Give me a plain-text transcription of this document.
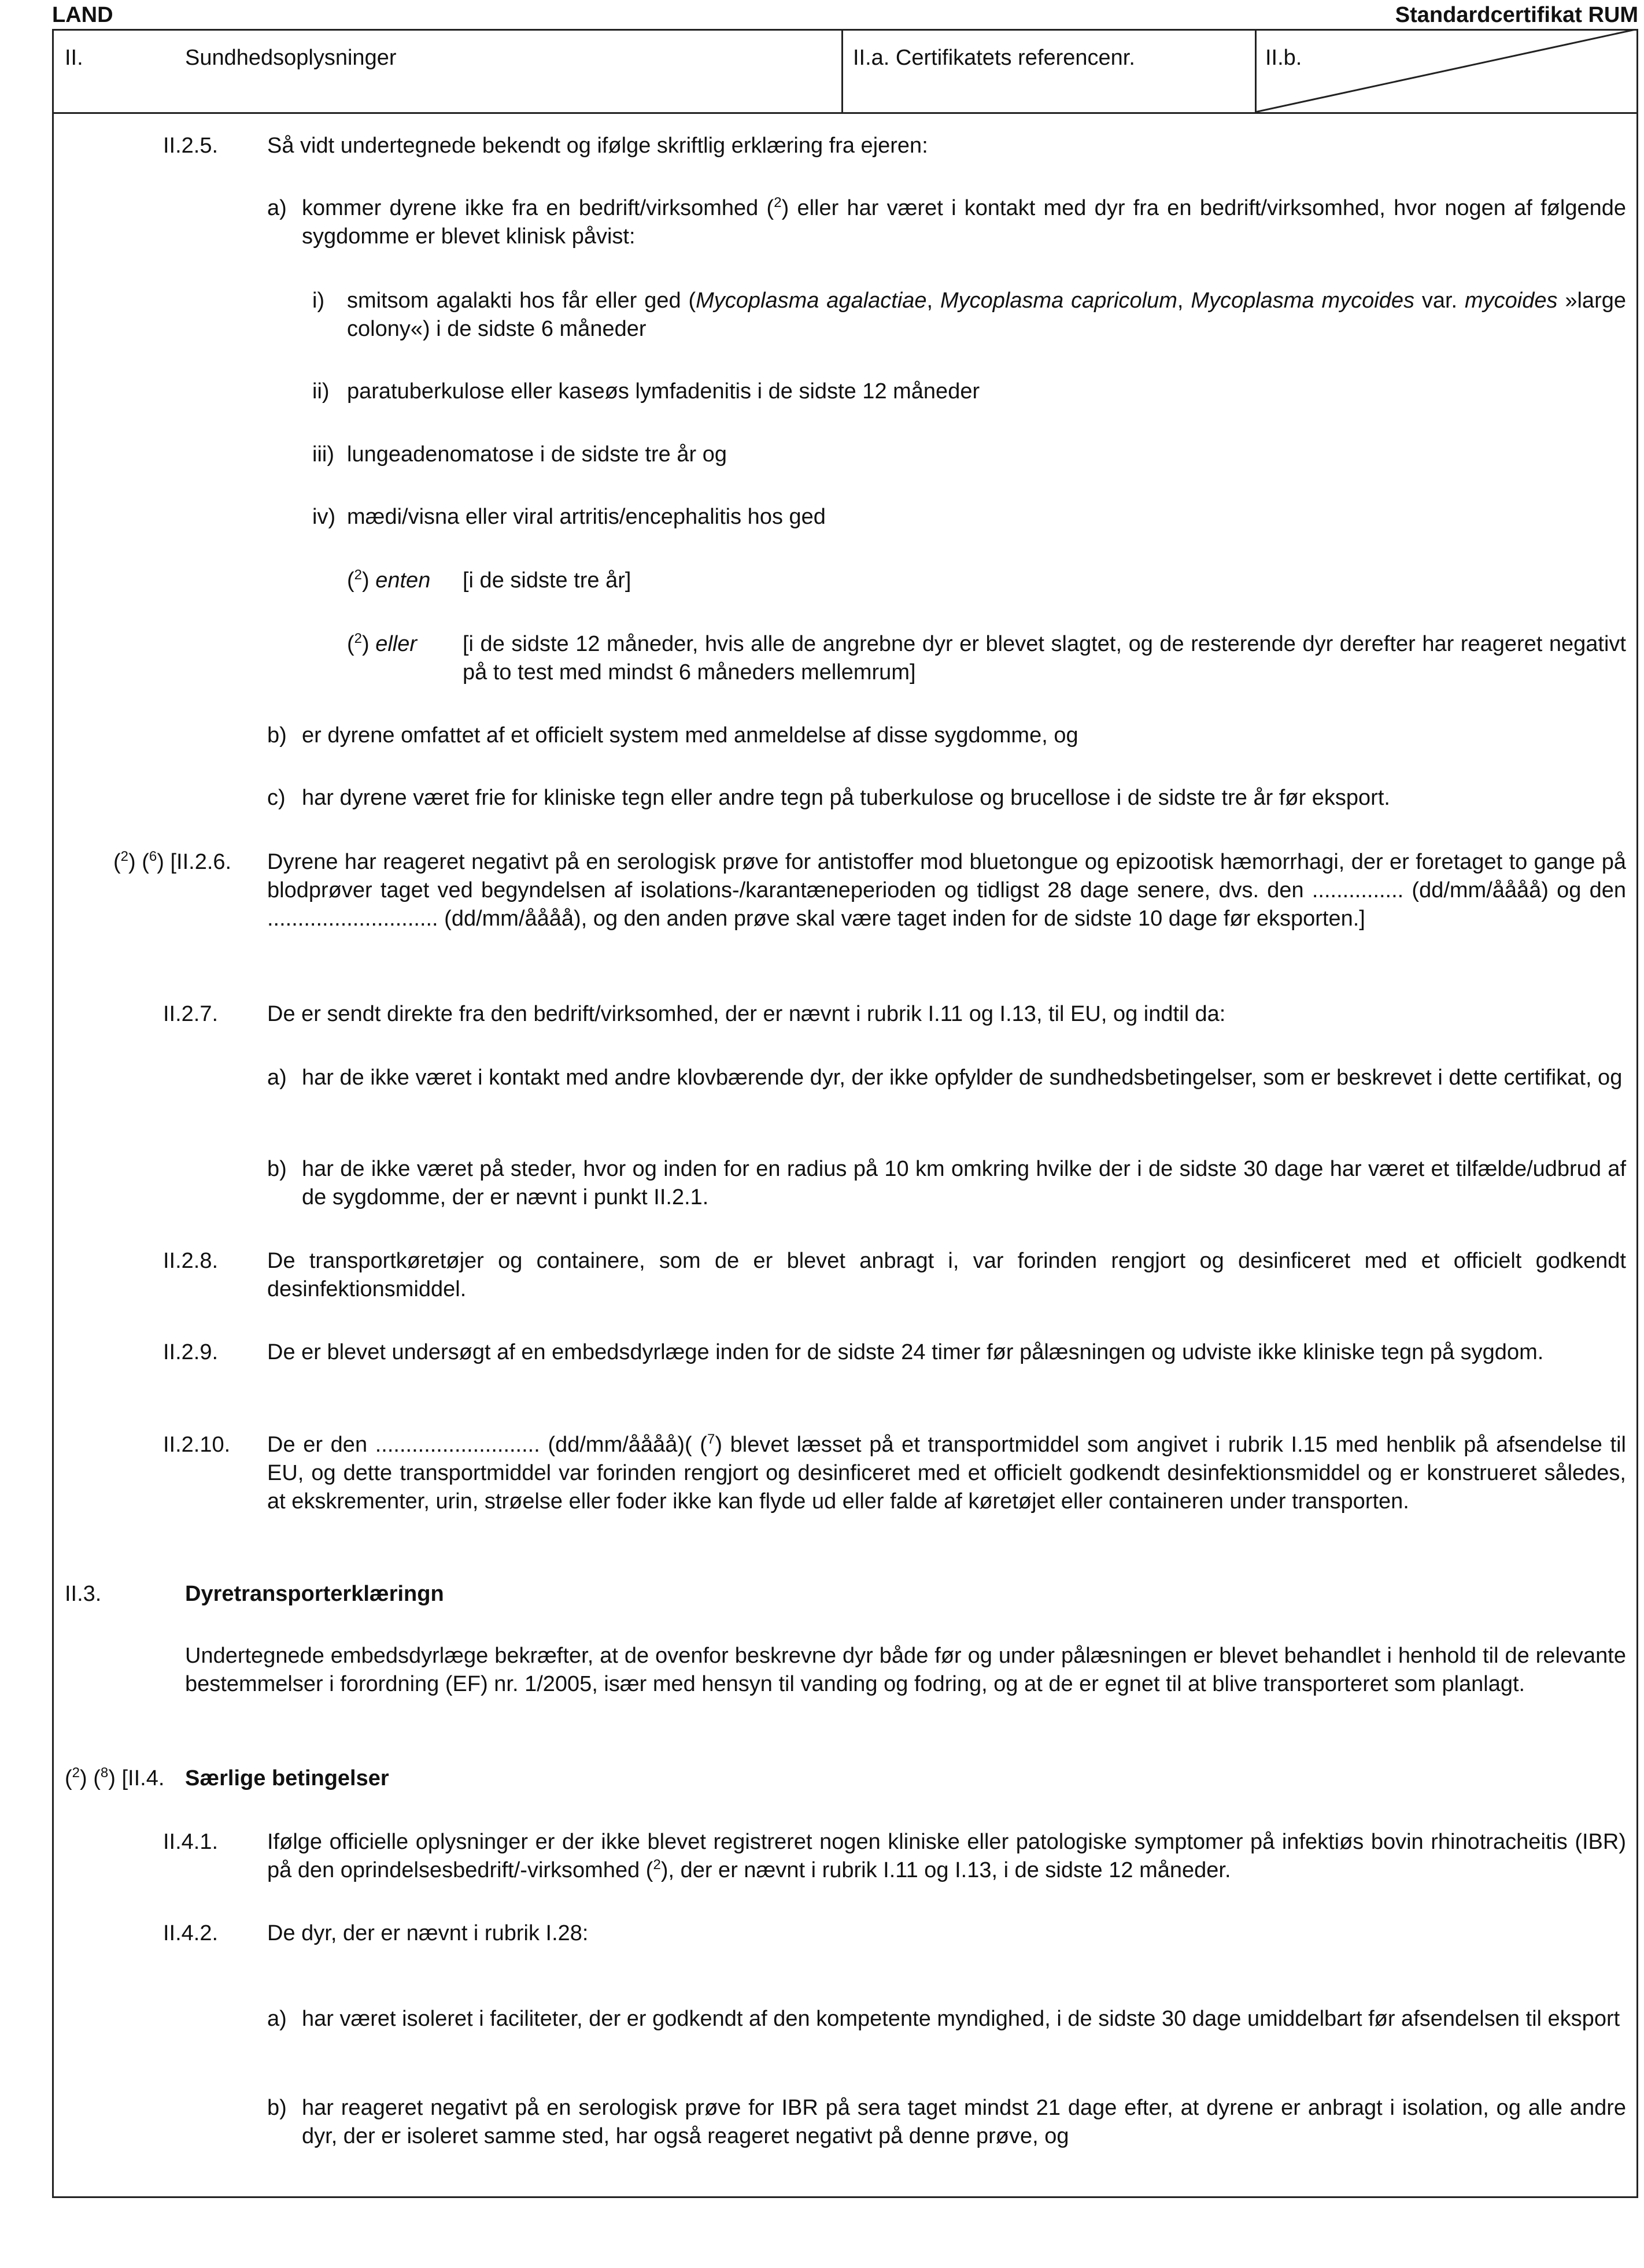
LAND	Standardcertifikat RUM
II.	Sundhedsoplysninger	II.a. Certifikatets referencenr.	II.b.
II.2.5. Så vidt undertegnede bekendt og ifølge skriftlig erklæring fra ejeren:
a) kommer dyrene ikke fra en bedrift/virksomhed ($^2$) eller har været i kontakt med dyr fra en bedrift/virksomhed, hvor nogen af følgende sygdomme er blevet klinisk påvist:
i) smitsom agalakti hos får eller ged (Mycoplasma agalactiae, Mycoplasma capricolum, Mycoplasma mycoides var. mycoides »large colony«) i de sidste 6 måneder
ii) paratuberkulose eller kaseøs lymfadenitis i de sidste 12 måneder
iii) lungeadenomatose i de sidste tre år og
iv) mædi/visna eller viral artritis/encephalitis hos ged
($^2$) enten [i de sidste tre år]
($^2$) eller [i de sidste 12 måneder, hvis alle de angrebne dyr er blevet slagtet, og de resterende dyr derefter har reageret negativt på to test med mindst 6 måneders mellemrum]
b) er dyrene omfattet af et officielt system med anmeldelse af disse sygdomme, og
c) har dyrene været frie for kliniske tegn eller andre tegn på tuberkulose og brucellose i de sidste tre år før eksport.
($^2$) ($^6$) [II.2.6. Dyrene har reageret negativt på en serologisk prøve for antistoffer mod bluetongue og epizootisk hæmorrhagi, der er foretaget to gange på blodprøver taget ved begyndelsen af isolations-/karantæneperioden og tidligst 28 dage senere, dvs. den ............... (dd/mm/åååå) og den ............................ (dd/mm/åååå), og den anden prøve skal være taget inden for de sidste 10 dage før eksporten.]
II.2.7. De er sendt direkte fra den bedrift/virksomhed, der er nævnt i rubrik I.11 og I.13, til EU, og indtil da:
a) har de ikke været i kontakt med andre klovbærende dyr, der ikke opfylder de sundhedsbetingelser, som er beskrevet i dette certifikat, og
b) har de ikke været på steder, hvor og inden for en radius på 10 km omkring hvilke der i de sidste 30 dage har været et tilfælde/udbrud af de sygdomme, der er nævnt i punkt II.2.1.
II.2.8. De transportkøretøjer og containere, som de er blevet anbragt i, var forinden rengjort og desinficeret med et officielt godkendt desinfektionsmiddel.
II.2.9. De er blevet undersøgt af en embedsdyrlæge inden for de sidste 24 timer før pålæsningen og udviste ikke kliniske tegn på sygdom.
II.2.10. De er den ........................... (dd/mm/åååå)( ($^7$) blevet læsset på et transportmiddel som angivet i rubrik I.15 med henblik på afsendelse til EU, og dette transportmiddel var forinden rengjort og desinficeret med et officielt godkendt desinfektionsmiddel og er konstrueret således, at ekskrementer, urin, strøelse eller foder ikke kan flyde ud eller falde af køretøjet eller containeren under transporten.
II.3.	Dyretransporterklæringn
Undertegnede embedsdyrlæge bekræfter, at de ovenfor beskrevne dyr både før og under pålæsningen er blevet behandlet i henhold til de relevante bestemmelser i forordning (EF) nr. 1/2005, især med hensyn til vanding og fodring, og at de er egnet til at blive transporteret som planlagt.
($^2$) ($^8$) [II.4. Særlige betingelser
II.4.1. Ifølge officielle oplysninger er der ikke blevet registreret nogen kliniske eller patologiske symptomer på infektiøs bovin rhinotracheitis (IBR) på den oprindelsesbedrift/-virksomhed ($^2$), der er nævnt i rubrik I.11 og I.13, i de sidste 12 måneder.
II.4.2. De dyr, der er nævnt i rubrik I.28:
a) har været isoleret i faciliteter, der er godkendt af den kompetente myndighed, i de sidste 30 dage umiddelbart før afsendelsen til eksport
b) har reageret negativt på en serologisk prøve for IBR på sera taget mindst 21 dage efter, at dyrene er anbragt i isolation, og alle andre dyr, der er isoleret samme sted, har også reageret negativt på denne prøve, og
